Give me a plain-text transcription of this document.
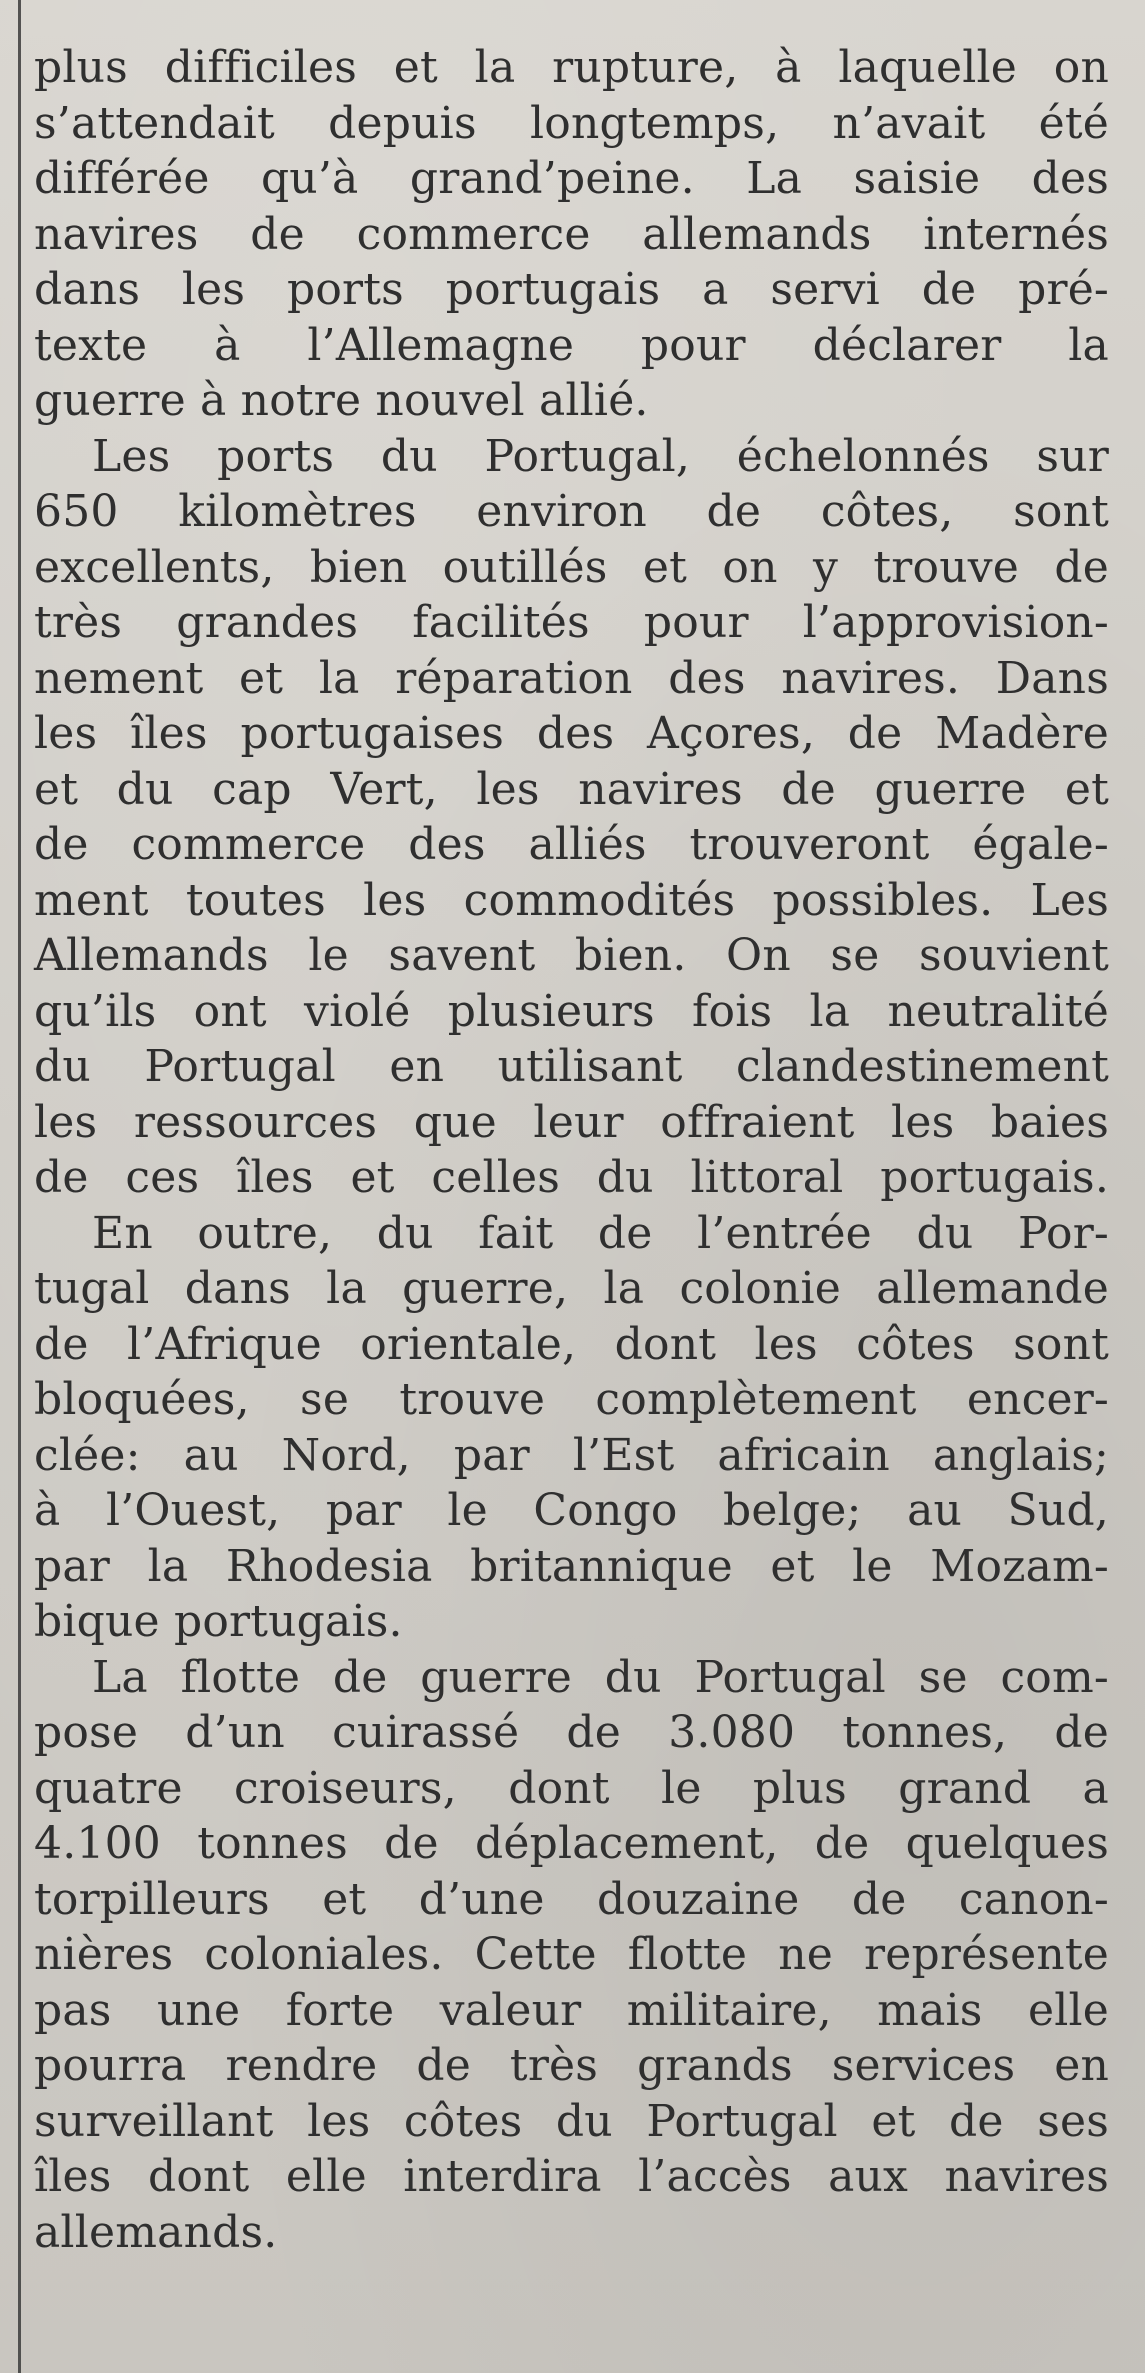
plus difficiles et la rupture, à laquelle on
s’attendait depuis longtemps, n’avait été
différée qu’à grand’peine. La saisie des
navires de commerce allemands internés
dans les ports portugais a servi de pré-
texte à l’Allemagne pour déclarer la
guerre à notre nouvel allié.
Les ports du Portugal, échelonnés sur
650 kilomètres environ de côtes, sont
excellents, bien outillés et on y trouve de
très grandes facilités pour l’approvision-
nement et la réparation des navires. Dans
les îles portugaises des Açores, de Madère
et du cap Vert, les navires de guerre et
de commerce des alliés trouveront égale-
ment toutes les commodités possibles. Les
Allemands le savent bien. On se souvient
qu’ils ont violé plusieurs fois la neutralité
du Portugal en utilisant clandestinement
les ressources que leur offraient les baies
de ces îles et celles du littoral portugais.
En outre, du fait de l’entrée du Por-
tugal dans la guerre, la colonie allemande
de l’Afrique orientale, dont les côtes sont
bloquées, se trouve complètement encer-
clée: au Nord, par l’Est africain anglais;
à l’Ouest, par le Congo belge; au Sud,
par la Rhodesia britannique et le Mozam-
bique portugais.
La flotte de guerre du Portugal se com-
pose d’un cuirassé de 3.080 tonnes, de
quatre croiseurs, dont le plus grand a
4.100 tonnes de déplacement, de quelques
torpilleurs et d’une douzaine de canon-
nières coloniales. Cette flotte ne représente
pas une forte valeur militaire, mais elle
pourra rendre de très grands services en
surveillant les côtes du Portugal et de ses
îles dont elle interdira l’accès aux navires
allemands.
